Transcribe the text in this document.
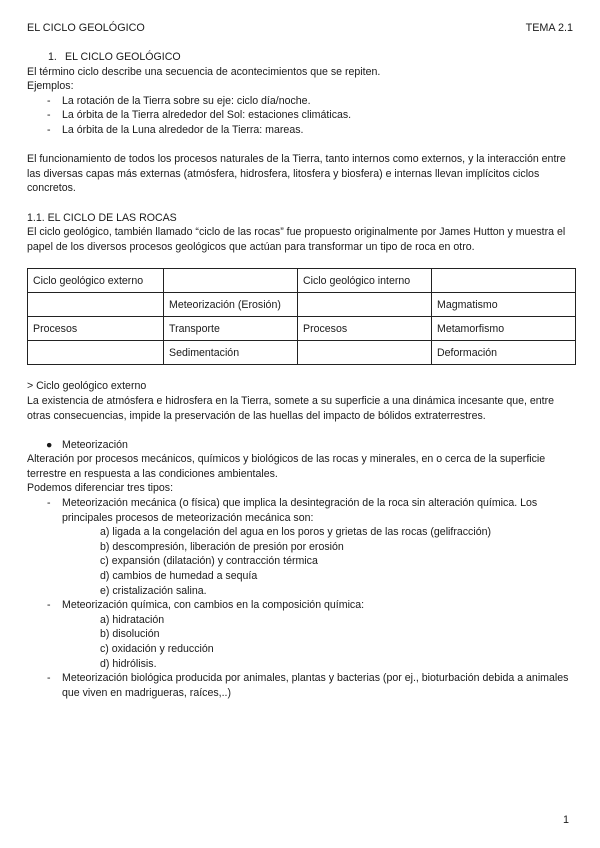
EL CICLO GEOLÓGICO	TEMA 2.1

1. EL CICLO GEOLÓGICO

El término ciclo describe una secuencia de acontecimientos que se repiten.

Ejemplos:

- La rotación de la Tierra sobre su eje: ciclo día/noche.
- La órbita de la Tierra alrededor del Sol: estaciones climáticas.
- La órbita de la Luna alrededor de la Tierra: mareas.

El funcionamiento de todos los procesos naturales de la Tierra, tanto internos como externos, y la interacción entre las diversas capas más externas (atmósfera, hidrosfera, litosfera y biosfera) e internas llevan implícitos ciclos concretos.

1.1. EL CICLO DE LAS ROCAS

El ciclo geológico, también llamado “ciclo de las rocas” fue propuesto originalmente por James Hutton y muestra el papel de los diversos procesos geológicos que actúan para transformar un tipo de roca en otro.

Ciclo geológico externo		Ciclo geológico interno	
	Meteorización (Erosión)		Magmatismo
Procesos	Transporte	Procesos	Metamorfismo
	Sedimentación		Deformación

> Ciclo geológico externo

La existencia de atmósfera e hidrosfera en la Tierra, somete a su superficie a una dinámica incesante que, entre otras consecuencias, impide la preservación de las huellas del impacto de bólidos extraterrestres.

● Meteorización

Alteración por procesos mecánicos, químicos y biológicos de las rocas y minerales, en o cerca de la superficie terrestre en respuesta a las condiciones ambientales.

Podemos diferenciar tres tipos:

- Meteorización mecánica (o física) que implica la desintegración de la roca sin alteración química. Los principales procesos de meteorización mecánica son:
a) ligada a la congelación del agua en los poros y grietas de las rocas (gelifracción)
b) descompresión, liberación de presión por erosión
c) expansión (dilatación) y contracción térmica
d) cambios de humedad a sequía
e) cristalización salina.
- Meteorización química, con cambios en la composición química:
a) hidratación
b) disolución
c) oxidación y reducción
d) hidrólisis.
- Meteorización biológica producida por animales, plantas y bacterias (por ej., bioturbación debida a animales que viven en madrigueras, raíces,..)
1
